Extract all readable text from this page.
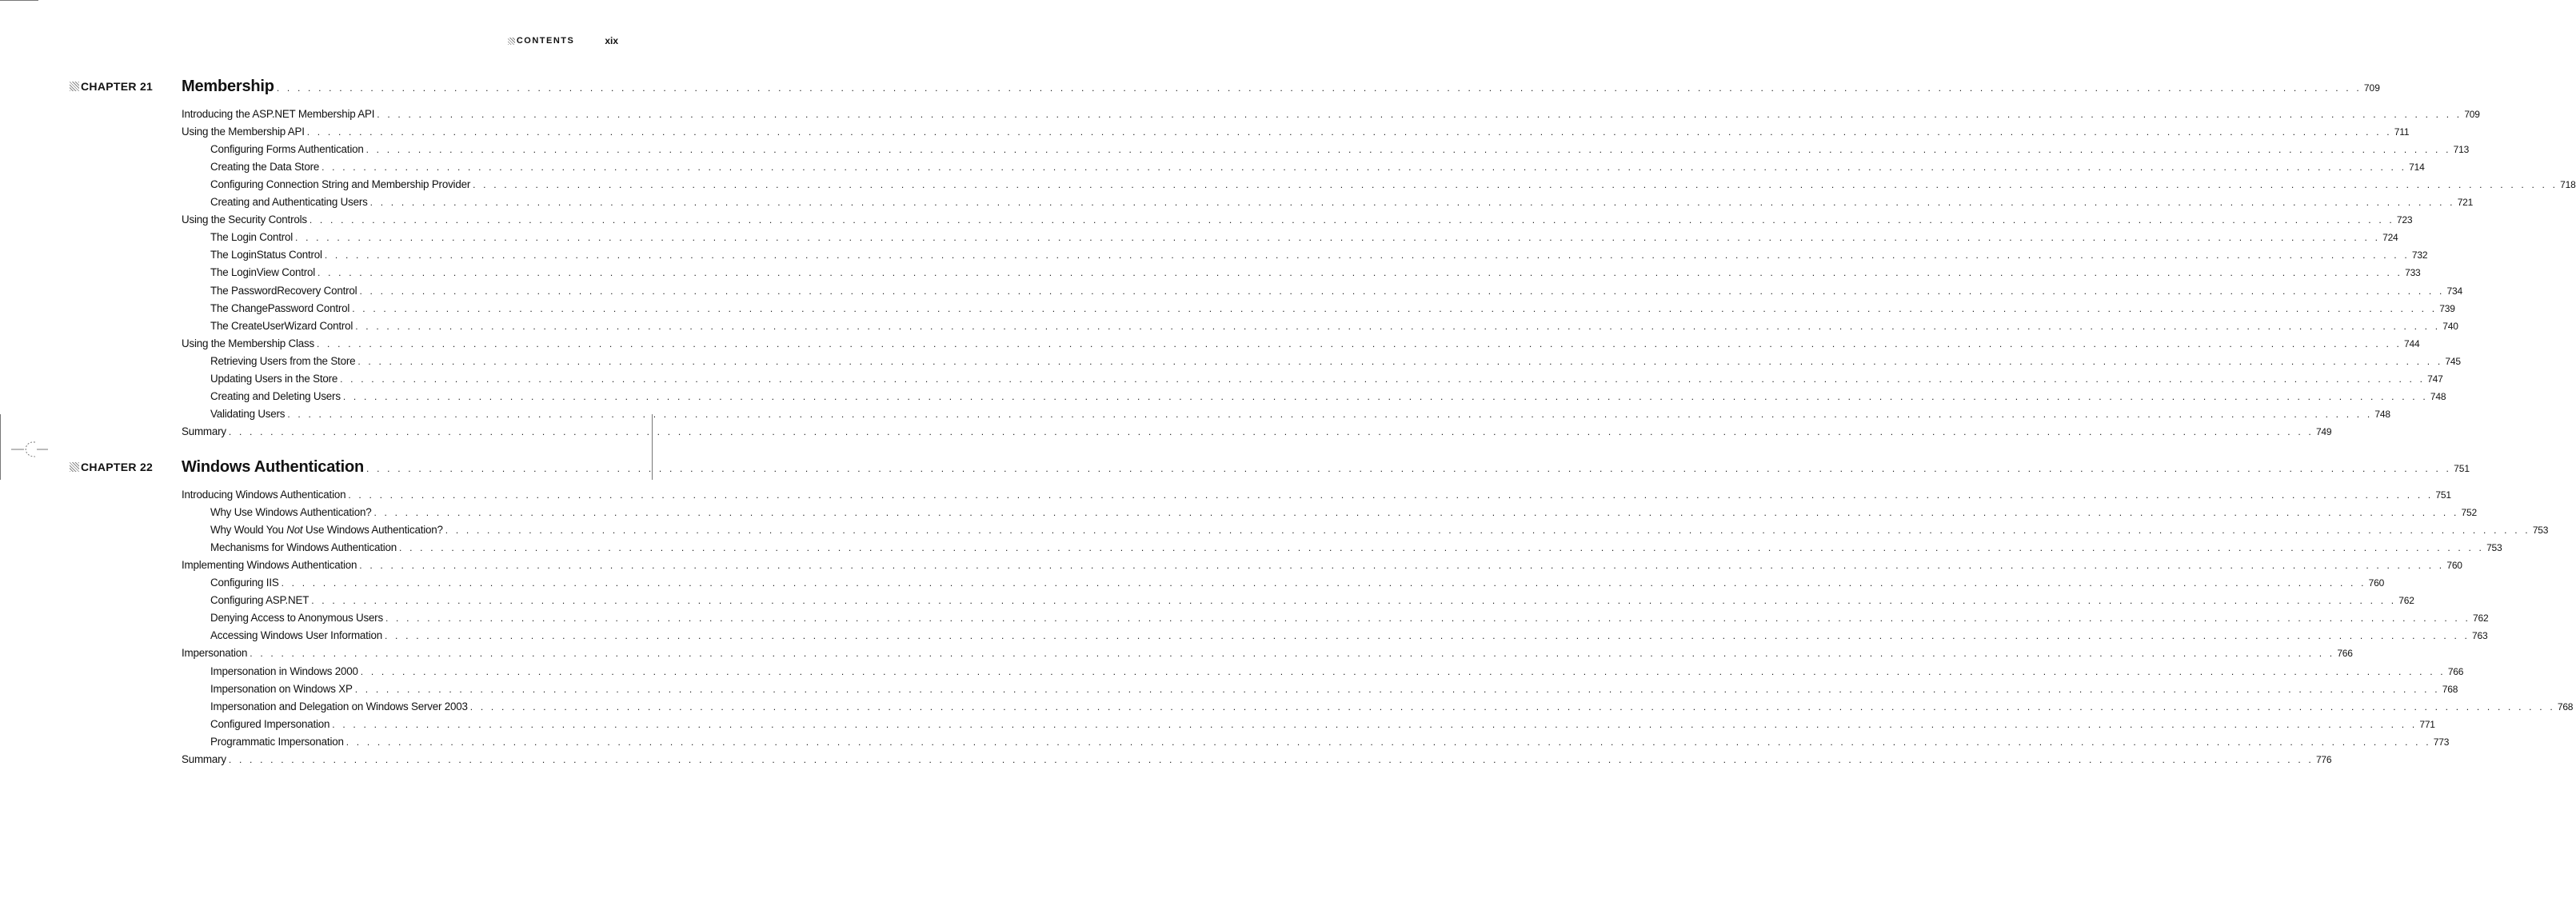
CONTENTS	xix
CHAPTER 21 Membership . . . . . . . . . . . . . . . . . . . . . . . . . . . . . . . . . . . . . . . . . . . . . . . . . . . . . . . . . . . . . . . . . . . . . . . . . . . . . . . . . . . . . . . . . . . . . . . . . . . . . . . . . . . . . . . . . . . . . . . . . . . . . . . . . . . . . . . . . . . . . . . . . . . . . . . . . . . . . . . . . . . . . . . . . . . . . . . . . . . . . . . . . . . . . . . . . . . . . . . . 709
Introducing the ASP.NET Membership API . . . . . . . . . . . . . . . . . . . . . . . . . . . . . . . . . . . . . . . . . . . . . . . . . . . . . . . . . . . . . . . . . . . . . . . . . . . . . . . . . . . . . . . . . . . . . . . . . . . . . . . . . . . . . . . . . . . . . . . . . . . . . . . . . . . . . . . . . . . . . . . . . . . . . . . . . . . . . . . . . . . . . . . . . . . . . . . . . . . . . . . . . . . . . . . . . . . . . . . . 709
Using the Membership API . . . . . . . . . . . . . . . . . . . . . . . . . . . . . . . . . . . . . . . . . . . . . . . . . . . . . . . . . . . . . . . . . . . . . . . . . . . . . . . . . . . . . . . . . . . . . . . . . . . . . . . . . . . . . . . . . . . . . . . . . . . . . . . . . . . . . . . . . . . . . . . . . . . . . . . . . . . . . . . . . . . . . . . . . . . . . . . . . . . . . . . . . . . . . . . . . . . . . . . . 711
Configuring Forms Authentication . . . . . . . . . . . . . . . . . . . . . . . . . . . . . . . . . . . . . . . . . . . . . . . . . . . . . . . . . . . . . . . . . . . . . . . . . . . . . . . . . . . . . . . . . . . . . . . . . . . . . . . . . . . . . . . . . . . . . . . . . . . . . . . . . . . . . . . . . . . . . . . . . . . . . . . . . . . . . . . . . . . . . . . . . . . . . . . . . . . . . . . . . . . . . . . . . . . . . . . . 713
Creating the Data Store . . . . . . . . . . . . . . . . . . . . . . . . . . . . . . . . . . . . . . . . . . . . . . . . . . . . . . . . . . . . . . . . . . . . . . . . . . . . . . . . . . . . . . . . . . . . . . . . . . . . . . . . . . . . . . . . . . . . . . . . . . . . . . . . . . . . . . . . . . . . . . . . . . . . . . . . . . . . . . . . . . . . . . . . . . . . . . . . . . . . . . . . . . . . . . . . . . . . . . . . 714
Configuring Connection String and Membership Provider . . . . . . . . . . . . . . . . . . . . . . . . . . . . . . . . . . . . . . . . . . . . . . . . . . . . . . . . . . . . . . . . . . . . . . . . . . . . . . . . . . . . . . . . . . . . . . . . . . . . . . . . . . . . . . . . . . . . . . . . . . . . . . . . . . . . . . . . . . . . . . . . . . . . . . . . . . . . . . . . . . . . . . . . . . . . . . . . . . . . . . . . . . . . . . . . . . . . . . . . 718
Creating and Authenticating Users . . . . . . . . . . . . . . . . . . . . . . . . . . . . . . . . . . . . . . . . . . . . . . . . . . . . . . . . . . . . . . . . . . . . . . . . . . . . . . . . . . . . . . . . . . . . . . . . . . . . . . . . . . . . . . . . . . . . . . . . . . . . . . . . . . . . . . . . . . . . . . . . . . . . . . . . . . . . . . . . . . . . . . . . . . . . . . . . . . . . . . . . . . . . . . . . . . . . . . . . 721
Using the Security Controls . . . . . . . . . . . . . . . . . . . . . . . . . . . . . . . . . . . . . . . . . . . . . . . . . . . . . . . . . . . . . . . . . . . . . . . . . . . . . . . . . . . . . . . . . . . . . . . . . . . . . . . . . . . . . . . . . . . . . . . . . . . . . . . . . . . . . . . . . . . . . . . . . . . . . . . . . . . . . . . . . . . . . . . . . . . . . . . . . . . . . . . . . . . . . . . . . . . . . . . . 723
The Login Control . . . . . . . . . . . . . . . . . . . . . . . . . . . . . . . . . . . . . . . . . . . . . . . . . . . . . . . . . . . . . . . . . . . . . . . . . . . . . . . . . . . . . . . . . . . . . . . . . . . . . . . . . . . . . . . . . . . . . . . . . . . . . . . . . . . . . . . . . . . . . . . . . . . . . . . . . . . . . . . . . . . . . . . . . . . . . . . . . . . . . . . . . . . . . . . . . . . . . . . . 724
The LoginStatus Control . . . . . . . . . . . . . . . . . . . . . . . . . . . . . . . . . . . . . . . . . . . . . . . . . . . . . . . . . . . . . . . . . . . . . . . . . . . . . . . . . . . . . . . . . . . . . . . . . . . . . . . . . . . . . . . . . . . . . . . . . . . . . . . . . . . . . . . . . . . . . . . . . . . . . . . . . . . . . . . . . . . . . . . . . . . . . . . . . . . . . . . . . . . . . . . . . . . . . . . . 732
The LoginView Control . . . . . . . . . . . . . . . . . . . . . . . . . . . . . . . . . . . . . . . . . . . . . . . . . . . . . . . . . . . . . . . . . . . . . . . . . . . . . . . . . . . . . . . . . . . . . . . . . . . . . . . . . . . . . . . . . . . . . . . . . . . . . . . . . . . . . . . . . . . . . . . . . . . . . . . . . . . . . . . . . . . . . . . . . . . . . . . . . . . . . . . . . . . . . . . . . . . . . . . . 733
The PasswordRecovery Control . . . . . . . . . . . . . . . . . . . . . . . . . . . . . . . . . . . . . . . . . . . . . . . . . . . . . . . . . . . . . . . . . . . . . . . . . . . . . . . . . . . . . . . . . . . . . . . . . . . . . . . . . . . . . . . . . . . . . . . . . . . . . . . . . . . . . . . . . . . . . . . . . . . . . . . . . . . . . . . . . . . . . . . . . . . . . . . . . . . . . . . . . . . . . . . . . . . . . . . . 734
The ChangePassword Control . . . . . . . . . . . . . . . . . . . . . . . . . . . . . . . . . . . . . . . . . . . . . . . . . . . . . . . . . . . . . . . . . . . . . . . . . . . . . . . . . . . . . . . . . . . . . . . . . . . . . . . . . . . . . . . . . . . . . . . . . . . . . . . . . . . . . . . . . . . . . . . . . . . . . . . . . . . . . . . . . . . . . . . . . . . . . . . . . . . . . . . . . . . . . . . . . . . . . . . . 739
The CreateUserWizard Control . . . . . . . . . . . . . . . . . . . . . . . . . . . . . . . . . . . . . . . . . . . . . . . . . . . . . . . . . . . . . . . . . . . . . . . . . . . . . . . . . . . . . . . . . . . . . . . . . . . . . . . . . . . . . . . . . . . . . . . . . . . . . . . . . . . . . . . . . . . . . . . . . . . . . . . . . . . . . . . . . . . . . . . . . . . . . . . . . . . . . . . . . . . . . . . . . . . . . . . . 740
Using the Membership Class . . . . . . . . . . . . . . . . . . . . . . . . . . . . . . . . . . . . . . . . . . . . . . . . . . . . . . . . . . . . . . . . . . . . . . . . . . . . . . . . . . . . . . . . . . . . . . . . . . . . . . . . . . . . . . . . . . . . . . . . . . . . . . . . . . . . . . . . . . . . . . . . . . . . . . . . . . . . . . . . . . . . . . . . . . . . . . . . . . . . . . . . . . . . . . . . . . . . . . . . 744
Retrieving Users from the Store . . . . . . . . . . . . . . . . . . . . . . . . . . . . . . . . . . . . . . . . . . . . . . . . . . . . . . . . . . . . . . . . . . . . . . . . . . . . . . . . . . . . . . . . . . . . . . . . . . . . . . . . . . . . . . . . . . . . . . . . . . . . . . . . . . . . . . . . . . . . . . . . . . . . . . . . . . . . . . . . . . . . . . . . . . . . . . . . . . . . . . . . . . . . . . . . . . . . . . . . 745
Updating Users in the Store . . . . . . . . . . . . . . . . . . . . . . . . . . . . . . . . . . . . . . . . . . . . . . . . . . . . . . . . . . . . . . . . . . . . . . . . . . . . . . . . . . . . . . . . . . . . . . . . . . . . . . . . . . . . . . . . . . . . . . . . . . . . . . . . . . . . . . . . . . . . . . . . . . . . . . . . . . . . . . . . . . . . . . . . . . . . . . . . . . . . . . . . . . . . . . . . . . . . . . . . 747
Creating and Deleting Users . . . . . . . . . . . . . . . . . . . . . . . . . . . . . . . . . . . . . . . . . . . . . . . . . . . . . . . . . . . . . . . . . . . . . . . . . . . . . . . . . . . . . . . . . . . . . . . . . . . . . . . . . . . . . . . . . . . . . . . . . . . . . . . . . . . . . . . . . . . . . . . . . . . . . . . . . . . . . . . . . . . . . . . . . . . . . . . . . . . . . . . . . . . . . . . . . . . . . . . . 748
Validating Users . . . . . . . . . . . . . . . . . . . . . . . . . . . . . . . . . . . . . . . . . . . . . . . . . . . . . . . . . . . . . . . . . . . . . . . . . . . . . . . . . . . . . . . . . . . . . . . . . . . . . . . . . . . . . . . . . . . . . . . . . . . . . . . . . . . . . . . . . . . . . . . . . . . . . . . . . . . . . . . . . . . . . . . . . . . . . . . . . . . . . . . . . . . . . . . . . . . . . . . . 748
Summary . . . . . . . . . . . . . . . . . . . . . . . . . . . . . . . . . . . . . . . . . . . . . . . . . . . . . . . . . . . . . . . . . . . . . . . . . . . . . . . . . . . . . . . . . . . . . . . . . . . . . . . . . . . . . . . . . . . . . . . . . . . . . . . . . . . . . . . . . . . . . . . . . . . . . . . . . . . . . . . . . . . . . . . . . . . . . . . . . . . . . . . . . . . . . . . . . . . . . . . . 749
CHAPTER 22 Windows Authentication . . . . . . . . . . . . . . . . . . . . . . . . . . . . . . . . . . . . . . . . . . . . . . . . . . . . . . . . . . . . . . . . . . . . . . . . . . . . . . . . . . . . . . . . . . . . . . . . . . . . . . . . . . . . . . . . . . . . . . . . . . . . . . . . . . . . . . . . . . . . . . . . . . . . . . . . . . . . . . . . . . . . . . . . . . . . . . . . . . . . . . . . . . . . . . . . . . . . . . . . 751
Introducing Windows Authentication . . . . . . . . . . . . . . . . . . . . . . . . . . . . . . . . . . . . . . . . . . . . . . . . . . . . . . . . . . . . . . . . . . . . . . . . . . . . . . . . . . . . . . . . . . . . . . . . . . . . . . . . . . . . . . . . . . . . . . . . . . . . . . . . . . . . . . . . . . . . . . . . . . . . . . . . . . . . . . . . . . . . . . . . . . . . . . . . . . . . . . . . . . . . . . . . . . . . . . . . 751
Why Use Windows Authentication? . . . . . . . . . . . . . . . . . . . . . . . . . . . . . . . . . . . . . . . . . . . . . . . . . . . . . . . . . . . . . . . . . . . . . . . . . . . . . . . . . . . . . . . . . . . . . . . . . . . . . . . . . . . . . . . . . . . . . . . . . . . . . . . . . . . . . . . . . . . . . . . . . . . . . . . . . . . . . . . . . . . . . . . . . . . . . . . . . . . . . . . . . . . . . . . . . . . . . . . . 752
Why Would You Not Use Windows Authentication? . . . . . . . . . . . . . . . . . . . . . . . . . . . . . . . . . . . . . . . . . . . . . . . . . . . . . . . . . . . . . . . . . . . . . . . . . . . . . . . . . . . . . . . . . . . . . . . . . . . . . . . . . . . . . . . . . . . . . . . . . . . . . . . . . . . . . . . . . . . . . . . . . . . . . . . . . . . . . . . . . . . . . . . . . . . . . . . . . . . . . . . . . . . . . . . . . . . . . . . . 753
Mechanisms for Windows Authentication . . . . . . . . . . . . . . . . . . . . . . . . . . . . . . . . . . . . . . . . . . . . . . . . . . . . . . . . . . . . . . . . . . . . . . . . . . . . . . . . . . . . . . . . . . . . . . . . . . . . . . . . . . . . . . . . . . . . . . . . . . . . . . . . . . . . . . . . . . . . . . . . . . . . . . . . . . . . . . . . . . . . . . . . . . . . . . . . . . . . . . . . . . . . . . . . . . . . . . . . 753
Implementing Windows Authentication . . . . . . . . . . . . . . . . . . . . . . . . . . . . . . . . . . . . . . . . . . . . . . . . . . . . . . . . . . . . . . . . . . . . . . . . . . . . . . . . . . . . . . . . . . . . . . . . . . . . . . . . . . . . . . . . . . . . . . . . . . . . . . . . . . . . . . . . . . . . . . . . . . . . . . . . . . . . . . . . . . . . . . . . . . . . . . . . . . . . . . . . . . . . . . . . . . . . . . . . 760
Configuring IIS . . . . . . . . . . . . . . . . . . . . . . . . . . . . . . . . . . . . . . . . . . . . . . . . . . . . . . . . . . . . . . . . . . . . . . . . . . . . . . . . . . . . . . . . . . . . . . . . . . . . . . . . . . . . . . . . . . . . . . . . . . . . . . . . . . . . . . . . . . . . . . . . . . . . . . . . . . . . . . . . . . . . . . . . . . . . . . . . . . . . . . . . . . . . . . . . . . . . . . . . 760
Configuring ASP.NET . . . . . . . . . . . . . . . . . . . . . . . . . . . . . . . . . . . . . . . . . . . . . . . . . . . . . . . . . . . . . . . . . . . . . . . . . . . . . . . . . . . . . . . . . . . . . . . . . . . . . . . . . . . . . . . . . . . . . . . . . . . . . . . . . . . . . . . . . . . . . . . . . . . . . . . . . . . . . . . . . . . . . . . . . . . . . . . . . . . . . . . . . . . . . . . . . . . . . . . . 762
Denying Access to Anonymous Users . . . . . . . . . . . . . . . . . . . . . . . . . . . . . . . . . . . . . . . . . . . . . . . . . . . . . . . . . . . . . . . . . . . . . . . . . . . . . . . . . . . . . . . . . . . . . . . . . . . . . . . . . . . . . . . . . . . . . . . . . . . . . . . . . . . . . . . . . . . . . . . . . . . . . . . . . . . . . . . . . . . . . . . . . . . . . . . . . . . . . . . . . . . . . . . . . . . . . . . . 762
Accessing Windows User Information . . . . . . . . . . . . . . . . . . . . . . . . . . . . . . . . . . . . . . . . . . . . . . . . . . . . . . . . . . . . . . . . . . . . . . . . . . . . . . . . . . . . . . . . . . . . . . . . . . . . . . . . . . . . . . . . . . . . . . . . . . . . . . . . . . . . . . . . . . . . . . . . . . . . . . . . . . . . . . . . . . . . . . . . . . . . . . . . . . . . . . . . . . . . . . . . . . . . . . . . 763
Impersonation . . . . . . . . . . . . . . . . . . . . . . . . . . . . . . . . . . . . . . . . . . . . . . . . . . . . . . . . . . . . . . . . . . . . . . . . . . . . . . . . . . . . . . . . . . . . . . . . . . . . . . . . . . . . . . . . . . . . . . . . . . . . . . . . . . . . . . . . . . . . . . . . . . . . . . . . . . . . . . . . . . . . . . . . . . . . . . . . . . . . . . . . . . . . . . . . . . . . . . . . 766
Impersonation in Windows 2000 . . . . . . . . . . . . . . . . . . . . . . . . . . . . . . . . . . . . . . . . . . . . . . . . . . . . . . . . . . . . . . . . . . . . . . . . . . . . . . . . . . . . . . . . . . . . . . . . . . . . . . . . . . . . . . . . . . . . . . . . . . . . . . . . . . . . . . . . . . . . . . . . . . . . . . . . . . . . . . . . . . . . . . . . . . . . . . . . . . . . . . . . . . . . . . . . . . . . . . . . 766
Impersonation on Windows XP . . . . . . . . . . . . . . . . . . . . . . . . . . . . . . . . . . . . . . . . . . . . . . . . . . . . . . . . . . . . . . . . . . . . . . . . . . . . . . . . . . . . . . . . . . . . . . . . . . . . . . . . . . . . . . . . . . . . . . . . . . . . . . . . . . . . . . . . . . . . . . . . . . . . . . . . . . . . . . . . . . . . . . . . . . . . . . . . . . . . . . . . . . . . . . . . . . . . . . . . 768
Impersonation and Delegation on Windows Server 2003 . . . . . . . . . . . . . . . . . . . . . . . . . . . . . . . . . . . . . . . . . . . . . . . . . . . . . . . . . . . . . . . . . . . . . . . . . . . . . . . . . . . . . . . . . . . . . . . . . . . . . . . . . . . . . . . . . . . . . . . . . . . . . . . . . . . . . . . . . . . . . . . . . . . . . . . . . . . . . . . . . . . . . . . . . . . . . . . . . . . . . . . . . . . . . . . . . . . . . . . . 768
Configured Impersonation . . . . . . . . . . . . . . . . . . . . . . . . . . . . . . . . . . . . . . . . . . . . . . . . . . . . . . . . . . . . . . . . . . . . . . . . . . . . . . . . . . . . . . . . . . . . . . . . . . . . . . . . . . . . . . . . . . . . . . . . . . . . . . . . . . . . . . . . . . . . . . . . . . . . . . . . . . . . . . . . . . . . . . . . . . . . . . . . . . . . . . . . . . . . . . . . . . . . . . . . 771
Programmatic Impersonation . . . . . . . . . . . . . . . . . . . . . . . . . . . . . . . . . . . . . . . . . . . . . . . . . . . . . . . . . . . . . . . . . . . . . . . . . . . . . . . . . . . . . . . . . . . . . . . . . . . . . . . . . . . . . . . . . . . . . . . . . . . . . . . . . . . . . . . . . . . . . . . . . . . . . . . . . . . . . . . . . . . . . . . . . . . . . . . . . . . . . . . . . . . . . . . . . . . . . . . . 773
Summary . . . . . . . . . . . . . . . . . . . . . . . . . . . . . . . . . . . . . . . . . . . . . . . . . . . . . . . . . . . . . . . . . . . . . . . . . . . . . . . . . . . . . . . . . . . . . . . . . . . . . . . . . . . . . . . . . . . . . . . . . . . . . . . . . . . . . . . . . . . . . . . . . . . . . . . . . . . . . . . . . . . . . . . . . . . . . . . . . . . . . . . . . . . . . . . . . . . . . . . . 776
